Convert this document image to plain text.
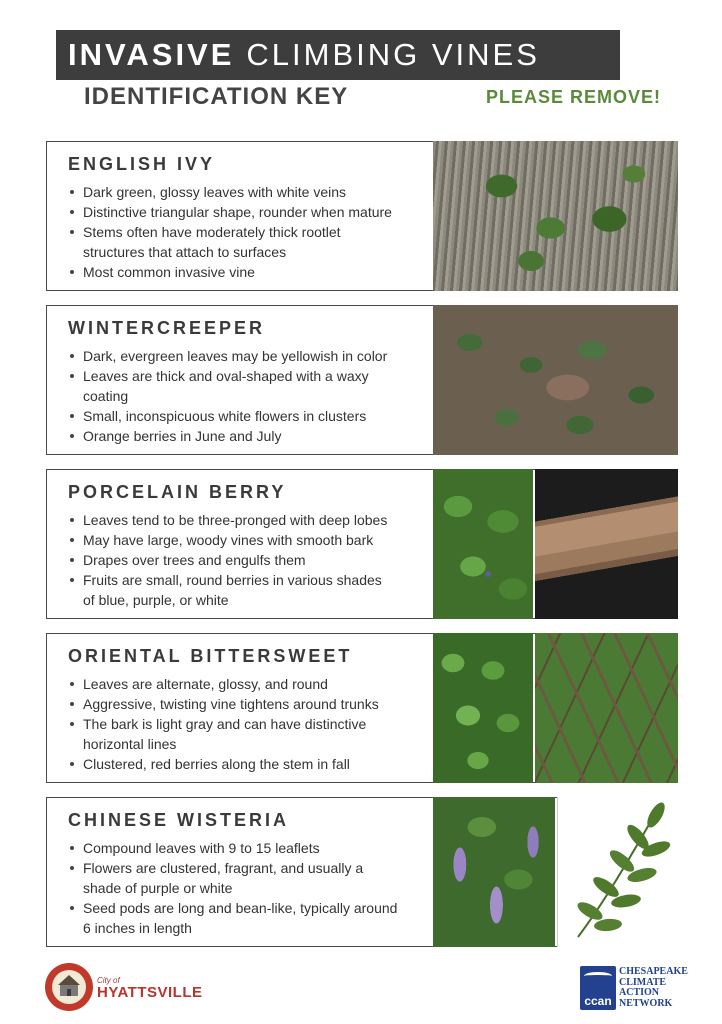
INVASIVE CLIMBING VINES
IDENTIFICATION KEY	PLEASE REMOVE!
ENGLISH IVY
Dark green, glossy leaves with white veins
Distinctive triangular shape, rounder when mature
Stems often have moderately thick rootlet structures that attach to surfaces
Most common invasive vine
WINTERCREEPER
Dark, evergreen leaves may be yellowish in color
Leaves are thick and oval-shaped with a waxy coating
Small, inconspicuous white flowers in clusters
Orange berries in June and July
PORCELAIN BERRY
Leaves tend to be three-pronged with deep lobes
May have large, woody vines with smooth bark
Drapes over trees and engulfs them
Fruits are small, round berries in various shades of blue, purple, or white
ORIENTAL BITTERSWEET
Leaves are alternate, glossy, and round
Aggressive, twisting vine tightens around trunks
The bark is light gray and can have distinctive horizontal lines
Clustered, red berries along the stem in fall
CHINESE WISTERIA
Compound leaves with 9 to 15 leaflets
Flowers are clustered, fragrant, and usually a shade of purple or white
Seed pods are long and bean-like, typically around 6 inches in length
City of
HYATTSVILLE	ccan
CHESAPEAKE
CLIMATE
ACTION
NETWORK
